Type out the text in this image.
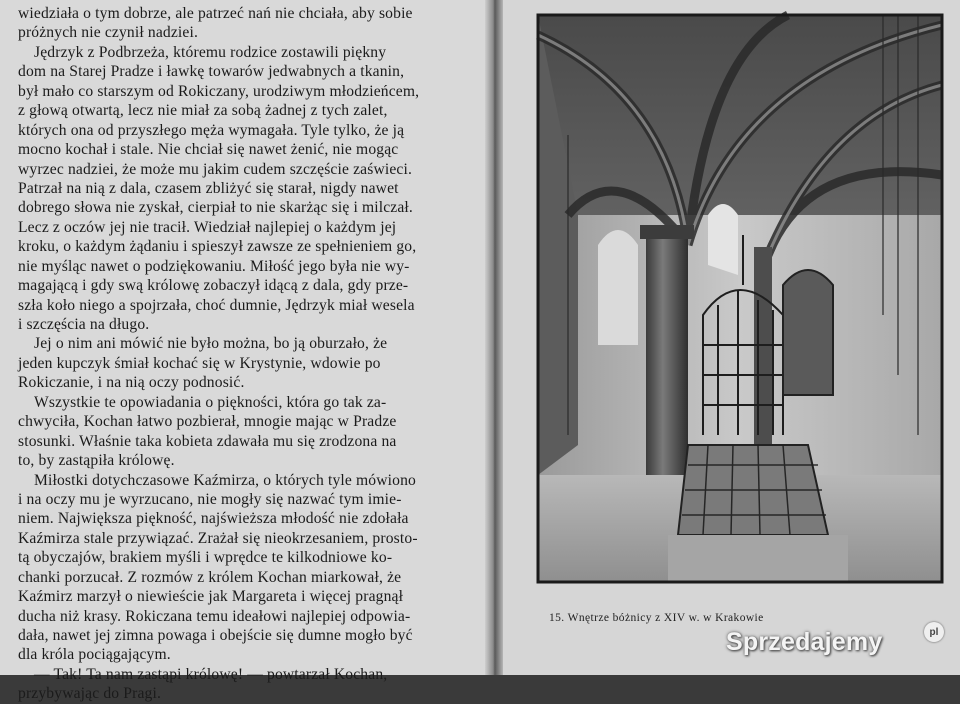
wiedziała o tym dobrze, ale patrzeć nań nie chciała, aby sobie
próżnych nie czynił nadziei.
Jędrzyk z Podbrzeża, któremu rodzice zostawili piękny
dom na Starej Pradze i ławkę towarów jedwabnych a tkanin,
był mało co starszym od Rokiczany, urodziwym młodzieńcem,
z głową otwartą, lecz nie miał za sobą żadnej z tych zalet,
których ona od przyszłego męża wymagała. Tyle tylko, że ją
mocno kochał i stale. Nie chciał się nawet żenić, nie mogąc
wyrzec nadziei, że może mu jakim cudem szczęście zaświeci.
Patrzał na nią z dala, czasem zbliżyć się starał, nigdy nawet
dobrego słowa nie zyskał, cierpiał to nie skarżąc się i milczał.
Lecz z oczów jej nie tracił. Wiedział najlepiej o każdym jej
kroku, o każdym żądaniu i spieszył zawsze ze spełnieniem go,
nie myśląc nawet o podziękowaniu. Miłość jego była nie wy-
magającą i gdy swą królowę zobaczył idącą z dala, gdy prze-
szła koło niego a spojrzała, choć dumnie, Jędrzyk miał wesela
i szczęścia na długo.
Jej o nim ani mówić nie było można, bo ją oburzało, że
jeden kupczyk śmiał kochać się w Krystynie, wdowie po
Rokiczanie, i na nią oczy podnosić.
Wszystkie te opowiadania o piękności, która go tak za-
chwyciła, Kochan łatwo pozbierał, mnogie mając w Pradze
stosunki. Właśnie taka kobieta zdawała mu się zrodzona na
to, by zastąpiła królowę.
Miłostki dotychczasowe Kaźmirza, o których tyle mówiono
i na oczy mu je wyrzucano, nie mogły się nazwać tym imie-
niem. Największa piękność, najświeższa młodość nie zdołała
Kaźmirza stale przywiązać. Zrażał się nieokrzesaniem, prosto-
tą obyczajów, brakiem myśli i wprędce te kilkodniowe ko-
chanki porzucał. Z rozmów z królem Kochan miarkował, że
Kaźmirz marzył o niewieście jak Margareta i więcej pragnął
ducha niż krasy. Rokiczana temu ideałowi najlepiej odpowia-
dała, nawet jej zimna powaga i obejście się dumne mogło być
dla króla pociągającym.
— Tak! Ta nam zastąpi królowę! — powtarzał Kochan,
przybywając do Pragi.
15. Wnętrze bóżnicy z XIV w. w Krakowie
Sprzedajemy	pl
